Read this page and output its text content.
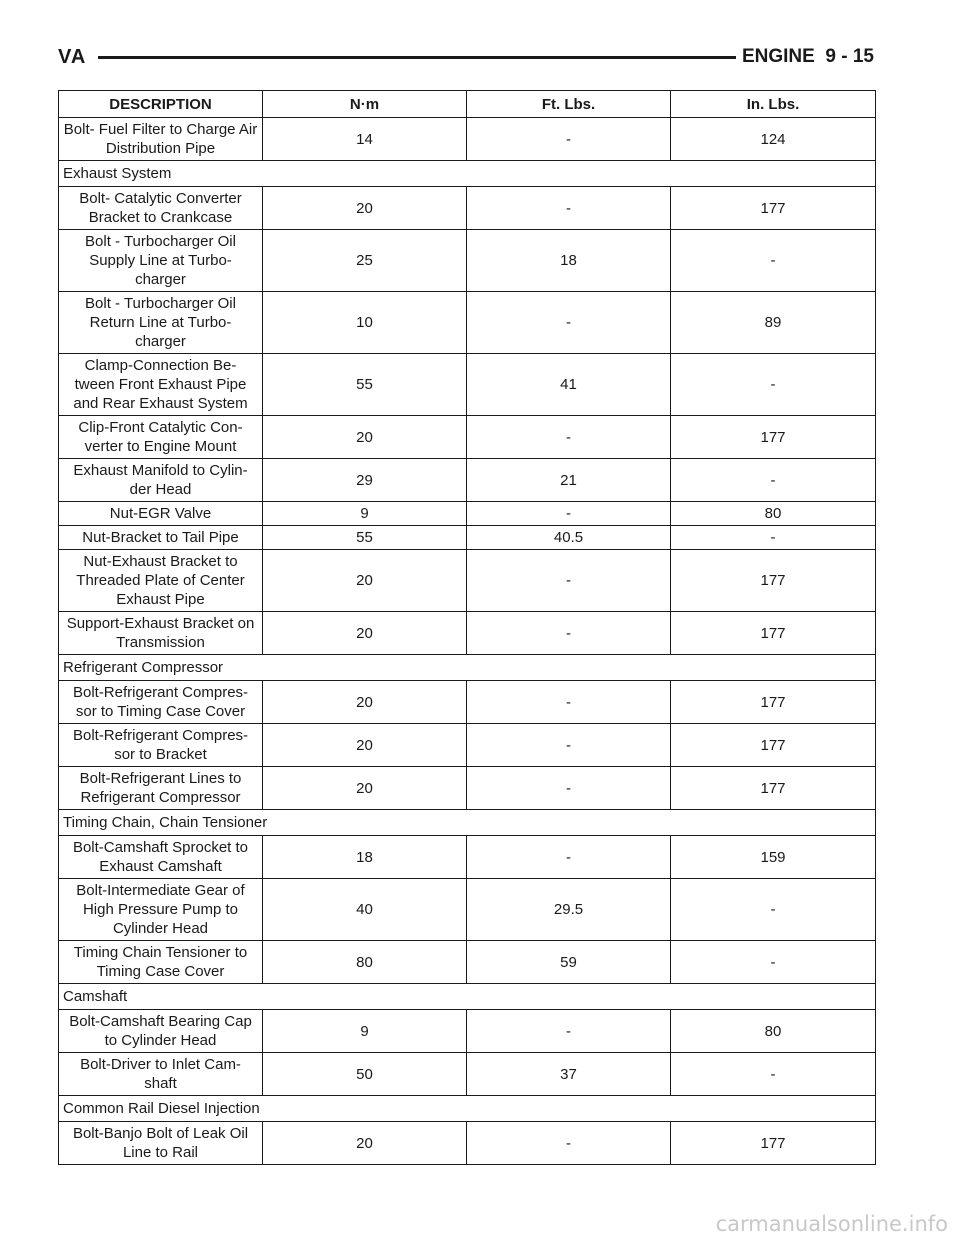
VA	ENGINE 9 - 15
DESCRIPTION	N·m	Ft. Lbs.	In. Lbs.
Bolt- Fuel Filter to Charge Air Distribution Pipe	14	-	124
Exhaust System			
Bolt- Catalytic Converter Bracket to Crankcase	20	-	177
Bolt - Turbocharger Oil Supply Line at Turbo- charger	25	18	-
Bolt - Turbocharger Oil Return Line at Turbo- charger	10	-	89
Clamp-Connection Be- tween Front Exhaust Pipe and Rear Exhaust System	55	41	-
Clip-Front Catalytic Con- verter to Engine Mount	20	-	177
Exhaust Manifold to Cylin- der Head	29	21	-
Nut-EGR Valve	9	-	80
Nut-Bracket to Tail Pipe	55	40.5	-
Nut-Exhaust Bracket to Threaded Plate of Center Exhaust Pipe	20	-	177
Support-Exhaust Bracket on Transmission	20	-	177
Refrigerant Compressor			
Bolt-Refrigerant Compres- sor to Timing Case Cover	20	-	177
Bolt-Refrigerant Compres- sor to Bracket	20	-	177
Bolt-Refrigerant Lines to Refrigerant Compressor	20	-	177
Timing Chain, Chain Tensioner			
Bolt-Camshaft Sprocket to Exhaust Camshaft	18	-	159
Bolt-Intermediate Gear of High Pressure Pump to Cylinder Head	40	29.5	-
Timing Chain Tensioner to Timing Case Cover	80	59	-
Camshaft			
Bolt-Camshaft Bearing Cap to Cylinder Head	9	-	80
Bolt-Driver to Inlet Cam- shaft	50	37	-
Common Rail Diesel Injection			
Bolt-Banjo Bolt of Leak Oil Line to Rail	20	-	177
carmanualsonline.info
